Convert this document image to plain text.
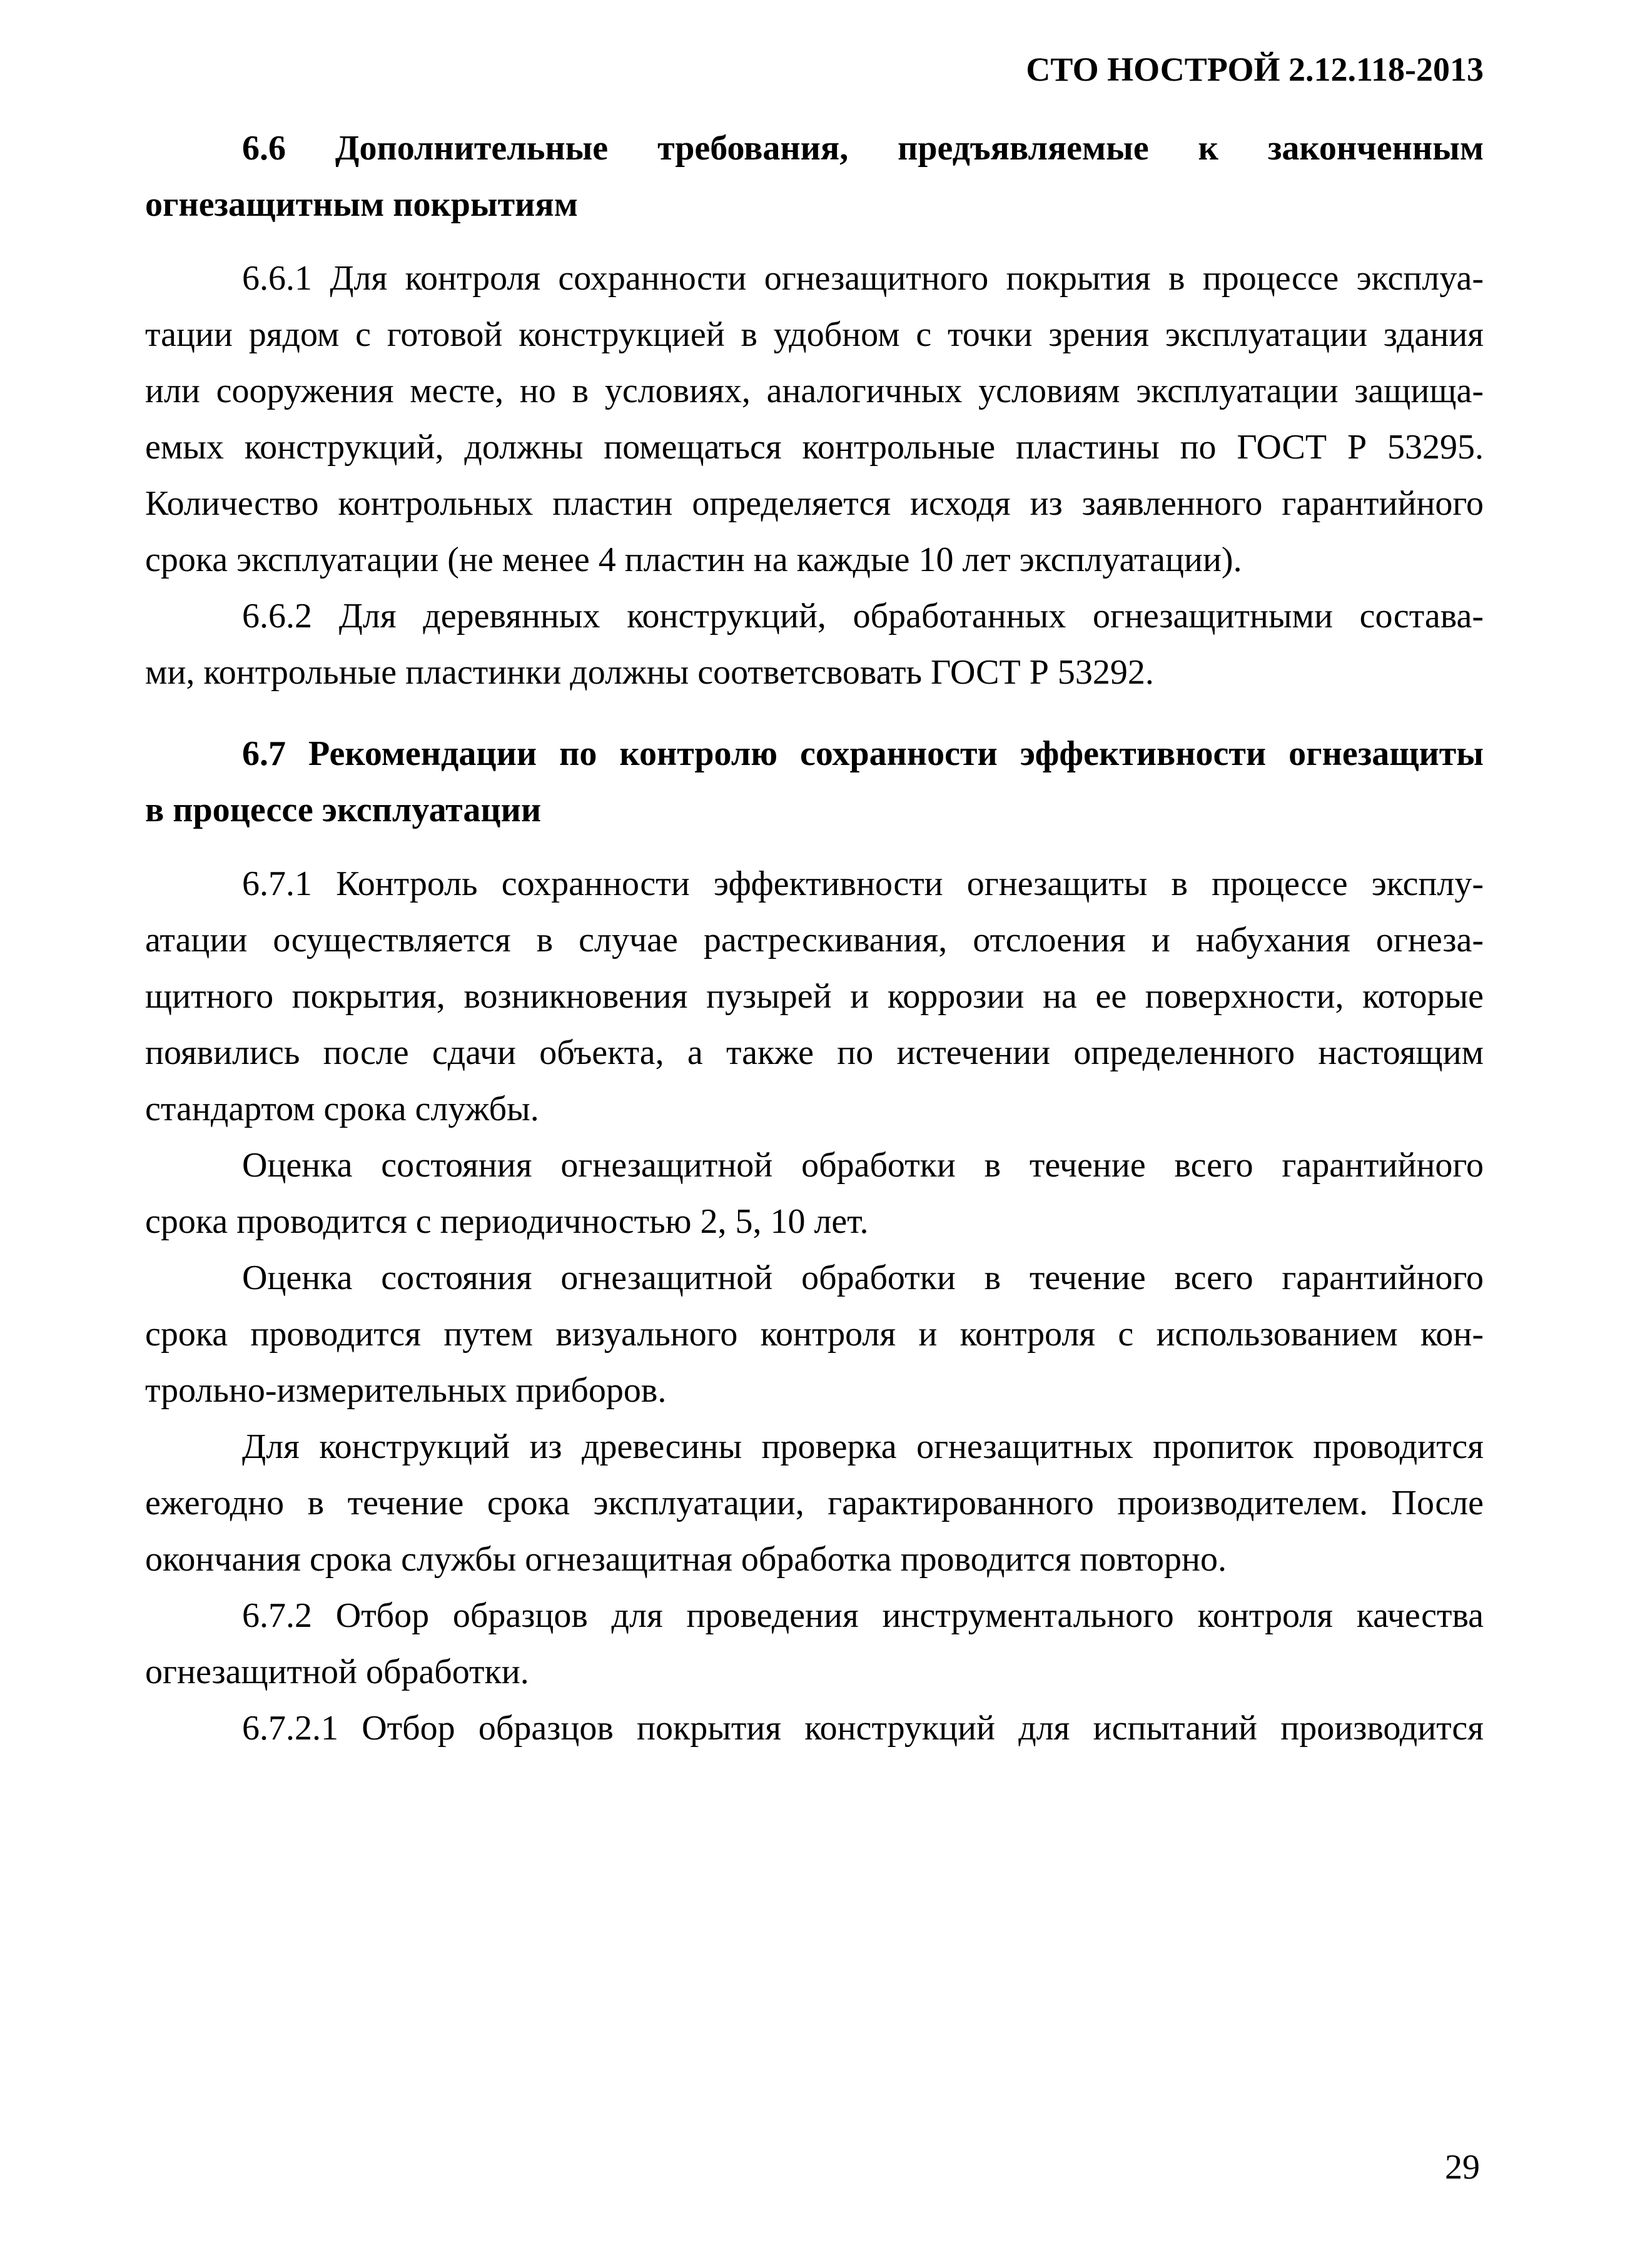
СТО НОСТРОЙ 2.12.118-2013
6.6 Дополнительные требования, предъявляемые к законченным
огнезащитным покрытиям
6.6.1 Для контроля сохранности огнезащитного покрытия в процессе эксплуа-
тации рядом с готовой конструкцией в удобном с точки зрения эксплуатации здания
или сооружения месте, но в условиях, аналогичных условиям эксплуатации защища-
емых конструкций, должны помещаться контрольные пластины по ГОСТ Р 53295.
Количество контрольных пластин определяется исходя из заявленного гарантийного
срока эксплуатации (не менее 4 пластин на каждые 10 лет эксплуатации).
6.6.2 Для деревянных конструкций, обработанных огнезащитными состава-
ми, контрольные пластинки должны соответсвовать ГОСТ Р 53292.
6.7 Рекомендации по контролю сохранности эффективности огнезащиты
в процессе эксплуатации
6.7.1 Контроль сохранности эффективности огнезащиты в процессе эксплу-
атации осуществляется в случае растрескивания, отслоения и набухания огнеза-
щитного покрытия, возникновения пузырей и коррозии на ее поверхности, которые
появились после сдачи объекта, а также по истечении определенного настоящим
стандартом срока службы.
Оценка состояния огнезащитной обработки в течение всего гарантийного
срока проводится с периодичностью 2, 5, 10 лет.
Оценка состояния огнезащитной обработки в течение всего гарантийного
срока проводится путем визуального контроля и контроля с использованием кон-
трольно-измерительных приборов.
Для конструкций из древесины проверка огнезащитных пропиток проводится
ежегодно в течение срока эксплуатации, гарактированного производителем. После
окончания срока службы огнезащитная обработка проводится повторно.
6.7.2 Отбор образцов для проведения инструментального контроля качества
огнезащитной обработки.
6.7.2.1 Отбор образцов покрытия конструкций для испытаний производится
29
